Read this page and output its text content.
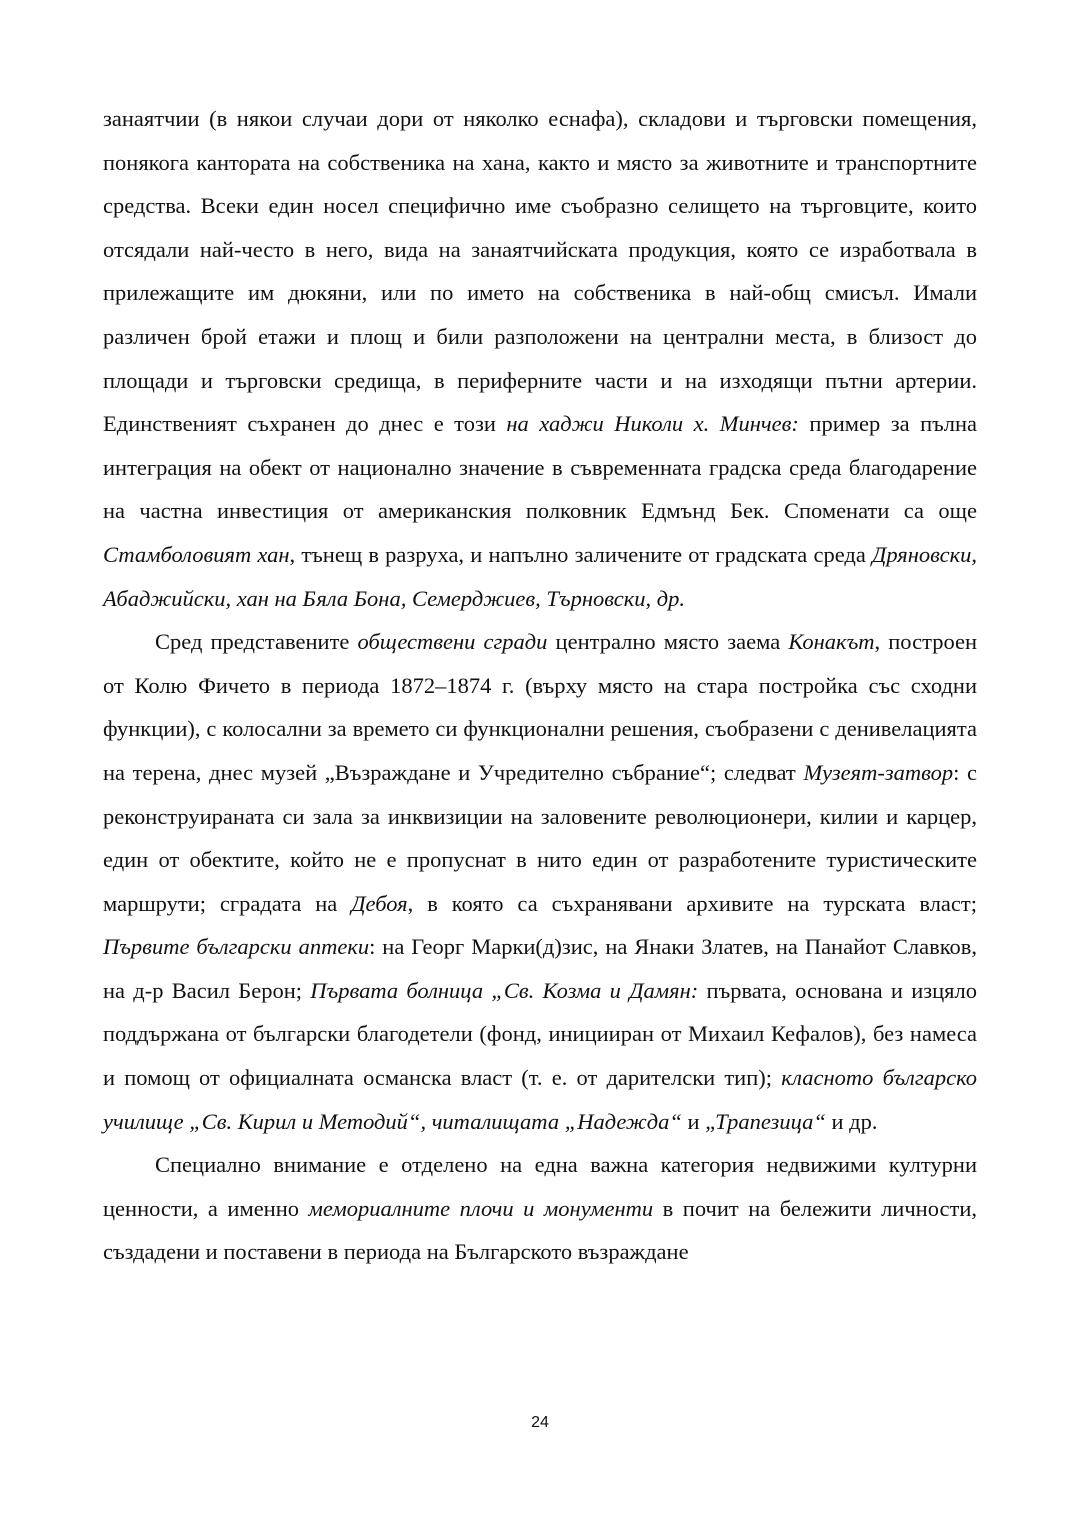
занаятчии (в някои случаи дори от няколко еснафа), складови и търговски помещения, понякога кантората на собственика на хана, както и място за животните и транспортните средства. Всеки един носел специфично име съобразно селището на търговците, които отсядали най-често в него, вида на занаятчийската продукция, която се изработвала в прилежащите им дюкяни, или по името на собственика в най-общ смисъл. Имали различен брой етажи и площ и били разположени на централни места, в близост до площади и търговски средища, в периферните части и на изходящи пътни артерии. Единственият съхранен до днес е този на хаджи Николи х. Минчев: пример за пълна интеграция на обект от национално значение в съвременната градска среда благодарение на частна инвестиция от американския полковник Едмънд Бек. Споменати са още Стамболовият хан, тънещ в разруха, и напълно заличените от градската среда Дряновски, Абаджийски, хан на Бяла Бона, Семерджиев, Търновски, др.

Сред представените обществени сгради централно място заема Конакът, построен от Колю Фичето в периода 1872–1874 г. (върху място на стара постройка със сходни функции), с колосални за времето си функционални решения, съобразени с денивелацията на терена, днес музей „Възраждане и Учредително събрание“; следват Музеят-затвор: с реконструираната си зала за инквизиции на заловените революционери, килии и карцер, един от обектите, който не е пропуснат в нито един от разработените туристическите маршрути; сградата на Дебоя, в която са съхранявани архивите на турската власт; Първите български аптеки: на Георг Марки(д)зис, на Янаки Златев, на Панайот Славков, на д-р Васил Берон; Първата болница „Св. Козма и Дамян: първата, основана и изцяло поддържана от български благодетели (фонд, иницииран от Михаил Кефалов), без намеса и помощ от официалната османска власт (т. е. от дарителски тип); класното българско училище „Св. Кирил и Методий“, читалищата „Надежда“ и „Трапезица“ и др.

Специално внимание е отделено на една важна категория недвижими културни ценности, а именно мемориалните плочи и монументи в почит на бележити личности, създадени и поставени в периода на Българското възраждане

24
